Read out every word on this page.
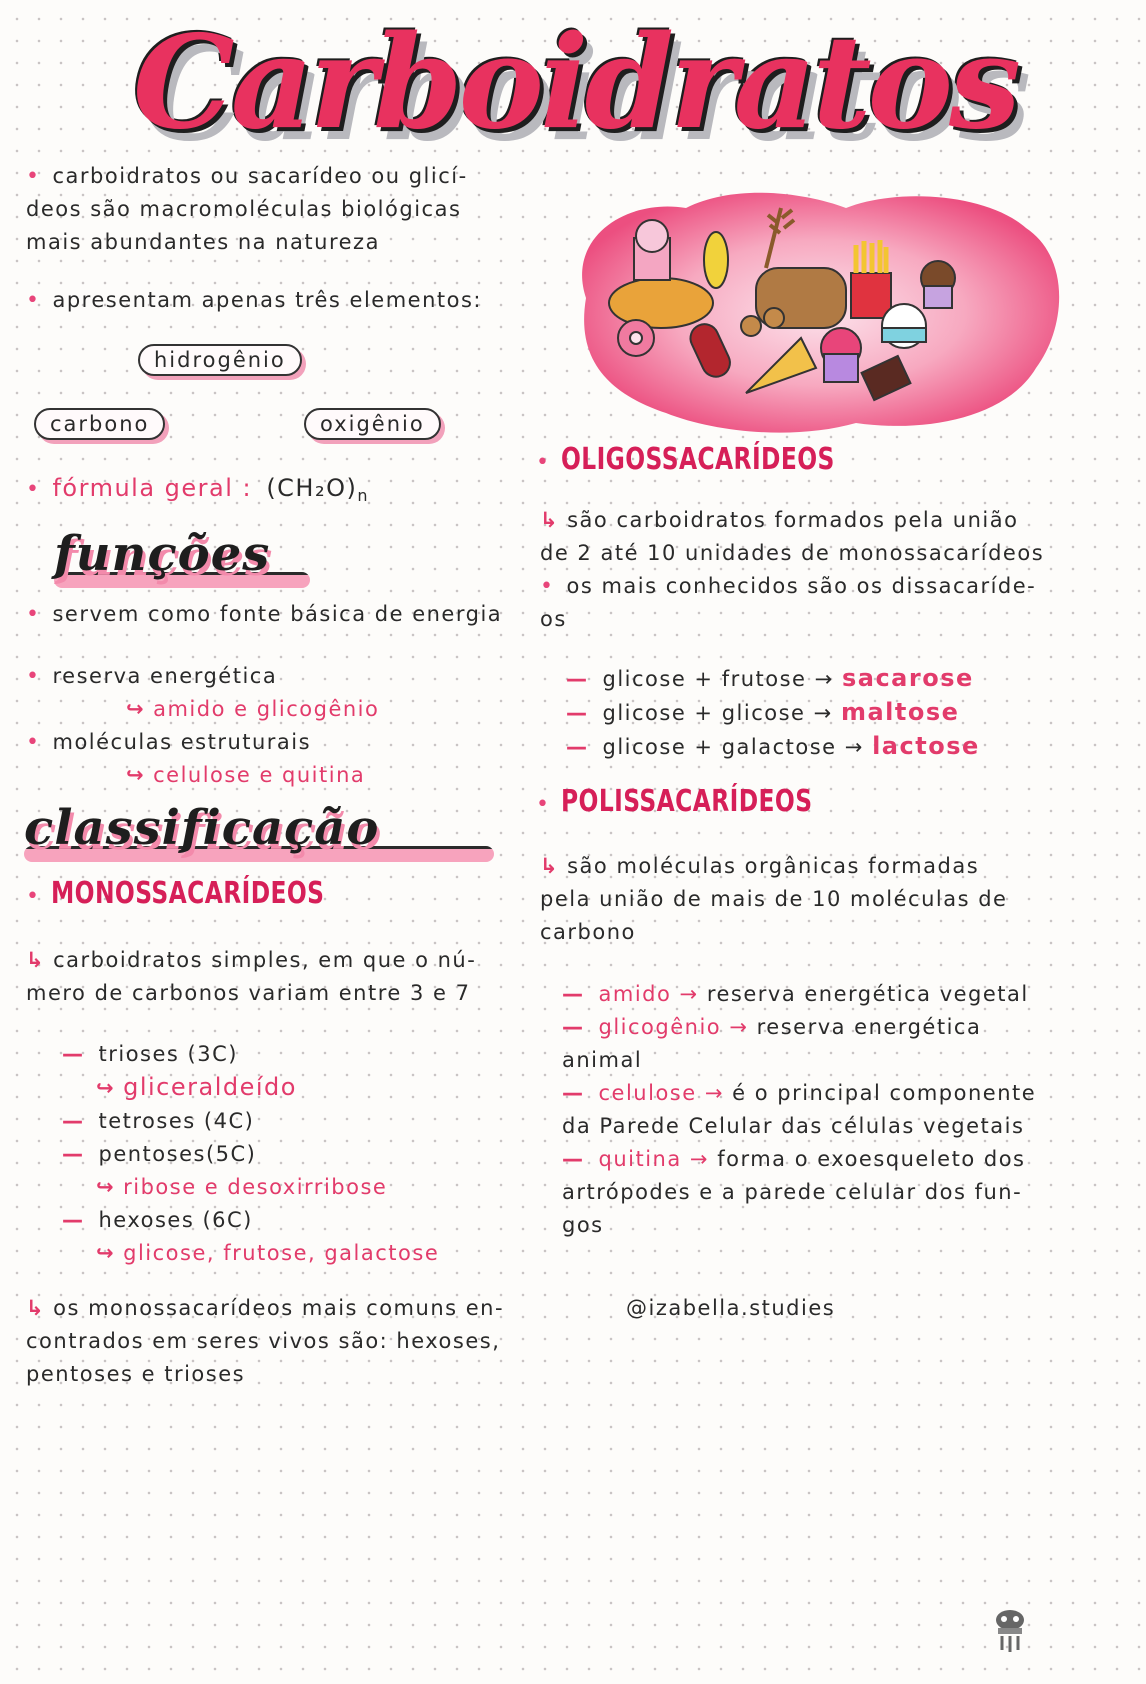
Carboidratos
• carboidratos ou sacarídeo ou glicí-
deos são macromoléculas biológicas
mais abundantes na natureza
• apresentam apenas três elementos:
hidrogênio
carbono	oxigênio
• fórmula geral : $(CH_2O)_n$
funções
• servem como fonte básica de energia
• reserva energética
↪ amido e glicogênio
• moléculas estruturais
↪ celulose e quitina
classificação
• MONOSSACARÍDEOS
↳ carboidratos simples, em que o nú-
mero de carbonos variam entre 3 e 7
— trioses (3C)
↪ gliceraldeído
— tetroses (4C)
— pentoses(5C)
↪ ribose e desoxirribose
— hexoses (6C)
↪ glicose, frutose, galactose
↳ os monossacarídeos mais comuns en-
contrados em seres vivos são: hexoses,
pentoses e trioses
• OLIGOSSACARÍDEOS
↳ são carboidratos formados pela união
de 2 até 10 unidades de monossacarídeos
• os mais conhecidos são os dissacaríde-
os
— glicose + frutose → sacarose
— glicose + glicose → maltose
— glicose + galactose → lactose
• POLISSACARÍDEOS
↳ são moléculas orgânicas formadas
pela união de mais de 10 moléculas de
carbono
— amido → reserva energética vegetal
— glicogênio → reserva energética
animal
— celulose → é o principal componente
da Parede Celular das células vegetais
— quitina → forma o exoesqueleto dos
artrópodes e a parede celular dos fun-
gos
@izabella.studies
